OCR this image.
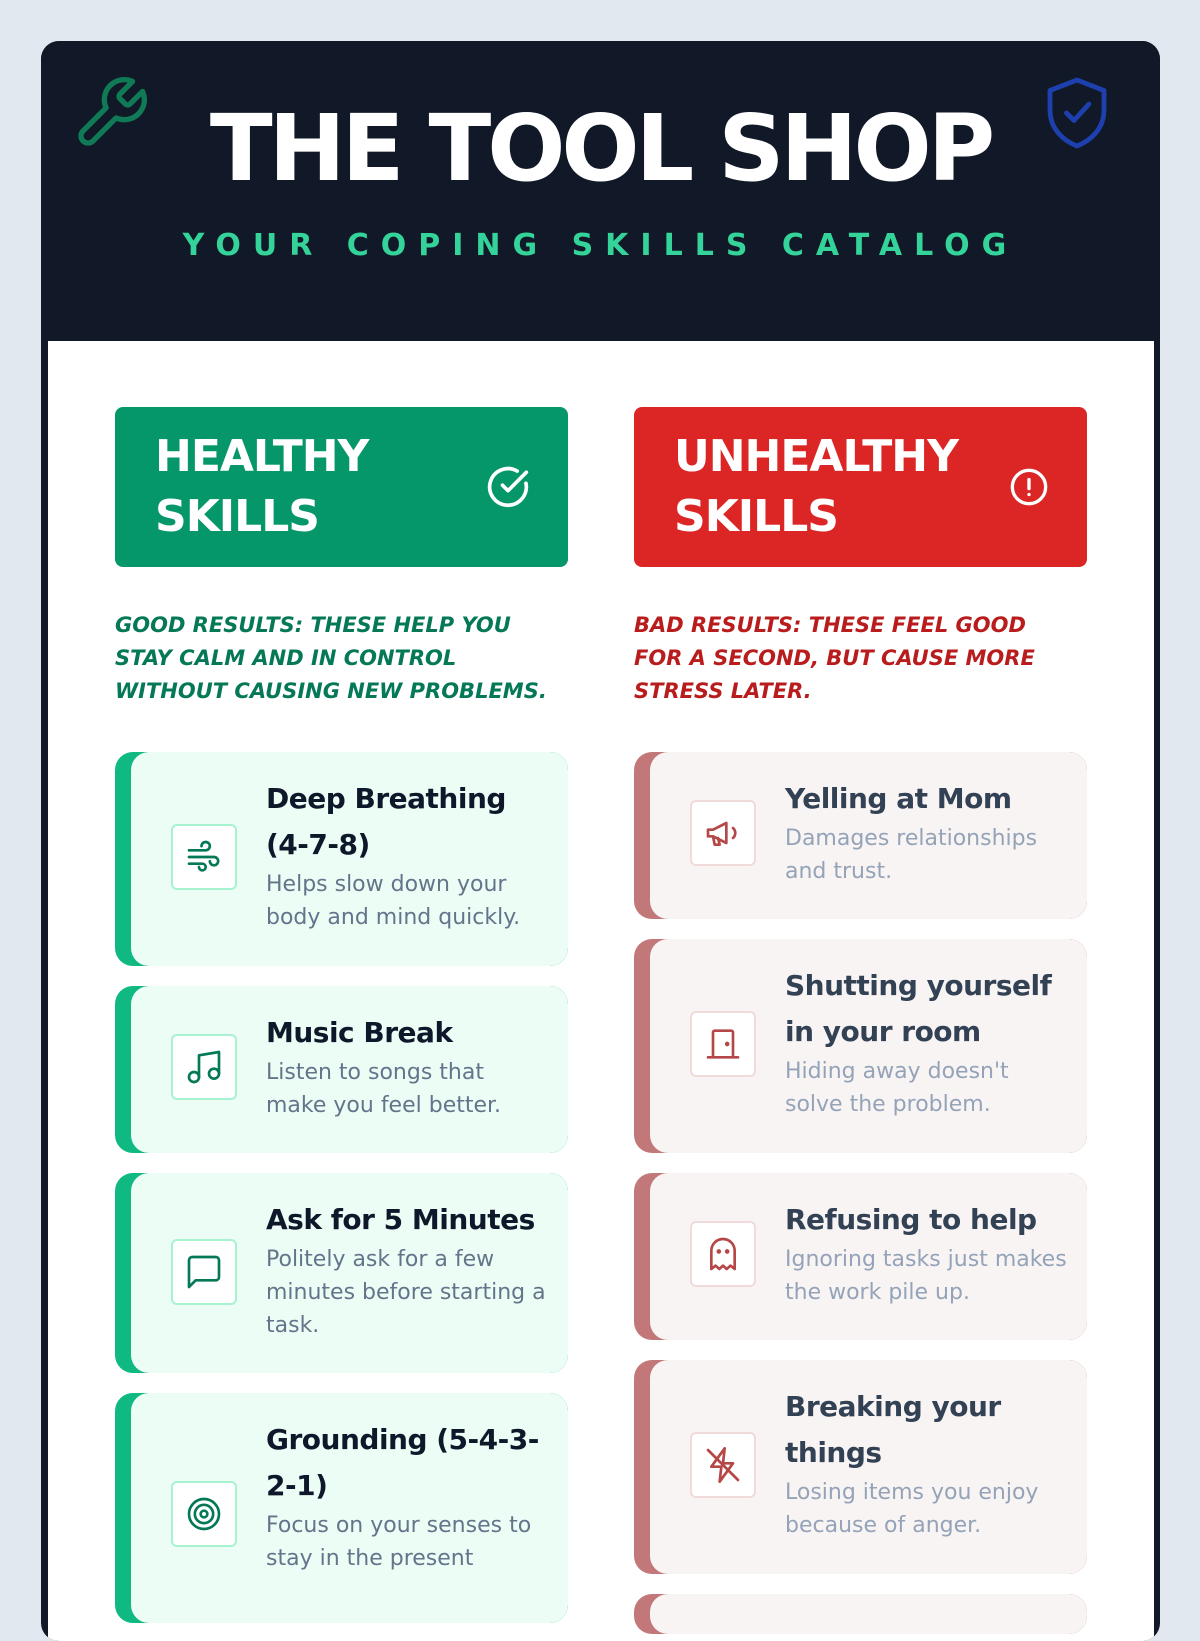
THE TOOL SHOP
YOUR COPING SKILLS CATALOG
HEALTHY SKILLS
GOOD RESULTS: THESE HELP YOU STAY CALM AND IN CONTROL WITHOUT CAUSING NEW PROBLEMS.
Deep Breathing (4-7-8)
Helps slow down your body and mind quickly.
Music Break
Listen to songs that make you feel better.
Ask for 5 Minutes
Politely ask for a few minutes before starting a task.
Grounding (5-4-3-2-1)
Focus on your senses to stay in the present
UNHEALTHY SKILLS
BAD RESULTS: THESE FEEL GOOD FOR A SECOND, BUT CAUSE MORE STRESS LATER.
Yelling at Mom
Damages relationships and trust.
Shutting yourself in your room
Hiding away doesn't solve the problem.
Refusing to help
Ignoring tasks just makes the work pile up.
Breaking your things
Losing items you enjoy because of anger.
